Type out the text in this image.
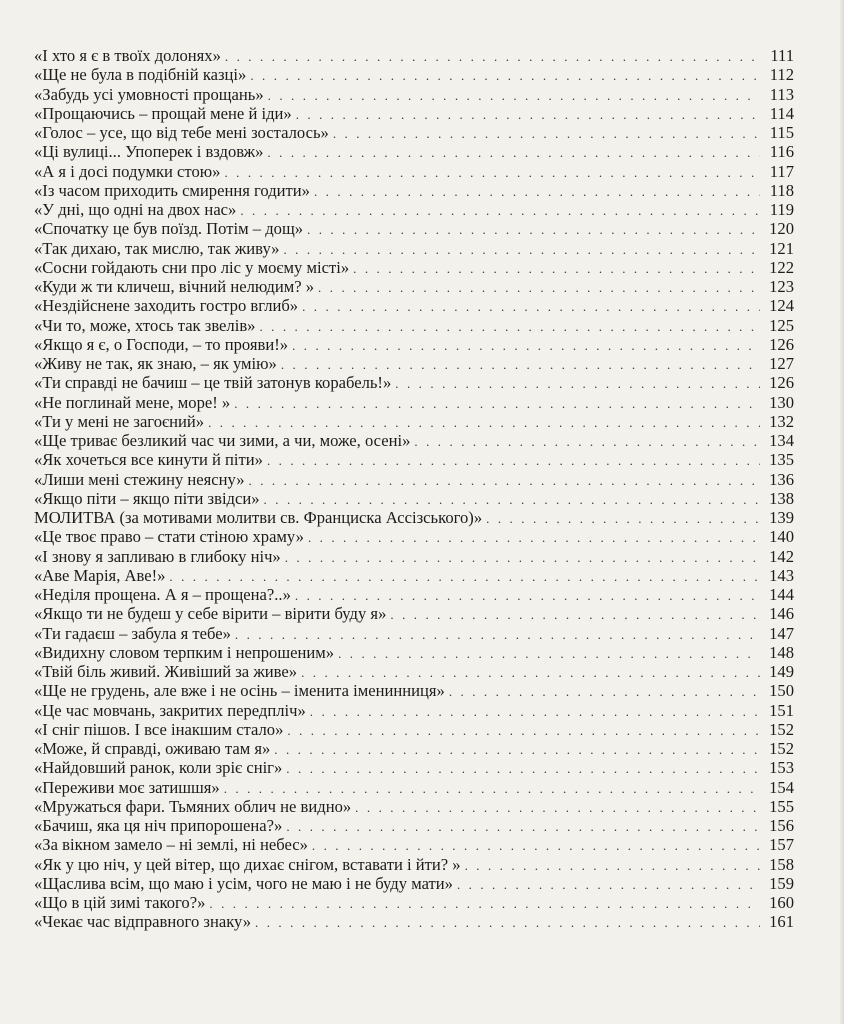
«І хто я є в твоїх долонях» . . .	111
«Ще не була в подібній казці» . . .	112
«Забудь усі умовності прощань» . . .	113
«Прощаючись – прощай мене й іди» . . .	114
«Голос – усе, що від тебе мені зосталось» . . .	115
«Ці вулиці... Упоперек і вздовж» . . .	116
«А я і досі подумки стою» . . .	117
«Із часом приходить смирення годити» . . .	118
«У дні, що одні на двох нас» . . .	119
«Спочатку це був поїзд. Потім – дощ» . . .	120
«Так дихаю, так мислю, так живу» . . .	121
«Сосни гойдають сни про ліс у моєму місті» . . .	122
«Куди ж ти кличеш, вічний нелюдим? » . . .	123
«Нездійснене заходить гостро вглиб» . . .	124
«Чи то, може, хтось так звелів» . . .	125
«Якщо я є, о Господи, – то прояви!» . . .	126
«Живу не так, як знаю, – як умію» . . .	127
«Ти справді не бачиш – це твій затонув корабель!» . . .	126
«Не поглинай мене, море! » . . .	130
«Ти у мені не загоєний» . . .	132
«Ще триває безликий час чи зими, а чи, може, осені» . . .	134
«Як хочеться все кинути й піти» . . .	135
«Лиши мені стежину неясну» . . .	136
«Якщо піти – якщо піти звідси» . . .	138
МОЛИТВА (за мотивами молитви св. Франциска Ассізського)» . . .	139
«Це твоє право – стати стіною храму» . . .	140
«І знову я запливаю в глибоку ніч» . . .	142
«Аве Марія, Аве!» . . .	143
«Неділя прощена. А я – прощена?..» . . .	144
«Якщо ти не будеш у себе вірити – вірити буду я» . . .	146
«Ти гадаєш – забула я тебе» . . .	147
«Видихну словом терпким і непрошеним» . . .	148
«Твій біль живий. Живіший за живе» . . .	149
«Ще не грудень, але вже і не осінь – іменита іменинниця» . . .	150
«Це час мовчань, закритих передпліч» . . .	151
«І сніг пішов. І все інакшим стало» . . .	152
«Може, й справді, оживаю там я» . . .	152
«Найдовший ранок, коли зріє сніг» . . .	153
«Переживи моє затишшя» . . .	154
«Мружаться фари. Тьмяних облич не видно» . . .	155
«Бачиш, яка ця ніч припорошена?» . . .	156
«За вікном замело – ні землі, ні небес» . . .	157
«Як у цю ніч, у цей вітер, що дихає снігом, вставати і йти? » . . .	158
«Щаслива всім, що маю і усім, чого не маю і не буду мати» . . .	159
«Що в цій зимі такого?» . . .	160
«Чекає час відправного знаку» . . .	161
